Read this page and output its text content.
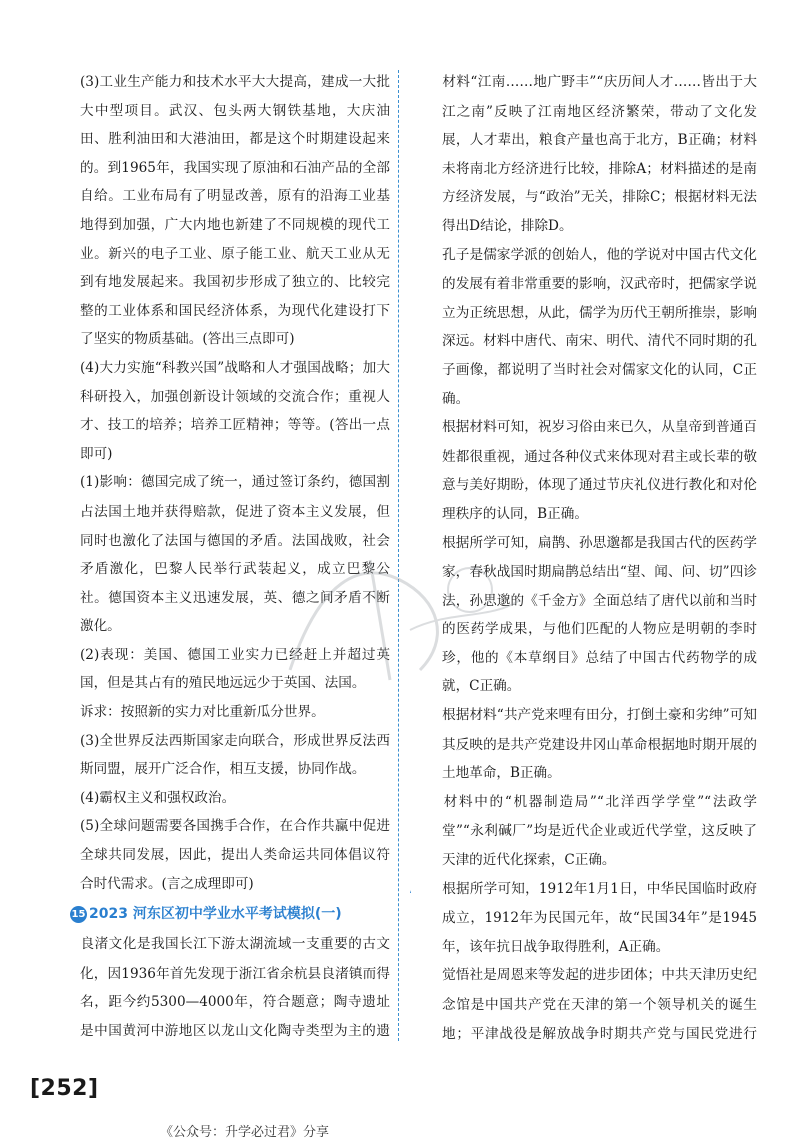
(3)工业生产能力和技术水平大大提高，建成一大批大中型项目。武汉、包头两大钢铁基地，大庆油田、胜利油田和大港油田，都是这个时期建设起来的。到1965年，我国实现了原油和石油产品的全部自给。工业布局有了明显改善，原有的沿海工业基地得到加强，广大内地也新建了不同规模的现代工业。新兴的电子工业、原子能工业、航天工业从无到有地发展起来。我国初步形成了独立的、比较完整的工业体系和国民经济体系，为现代化建设打下了坚实的物质基础。(答出三点即可)

(4)大力实施“科教兴国”战略和人才强国战略；加大科研投入，加强创新设计领域的交流合作；重视人才、技工的培养；培养工匠精神；等等。(答出一点即可)

(1)影响：德国完成了统一，通过签订条约，德国割占法国土地并获得赔款，促进了资本主义发展，但同时也激化了法国与德国的矛盾。法国战败，社会矛盾激化，巴黎人民举行武装起义，成立巴黎公社。德国资本主义迅速发展，英、德之间矛盾不断激化。

(2)表现：美国、德国工业实力已经赶上并超过英国，但是其占有的殖民地远远少于英国、法国。

诉求：按照新的实力对比重新瓜分世界。

(3)全世界反法西斯国家走向联合，形成世界反法西斯同盟，展开广泛合作，相互支援，协同作战。

(4)霸权主义和强权政治。

(5)全球问题需要各国携手合作，在合作共赢中促进全球共同发展，因此，提出人类命运共同体倡议符合时代需求。(言之成理即可)

15 2023 河东区初中学业水平考试模拟(一)

良渚文化是我国长江下游太湖流域一支重要的古文化，因1936年首先发现于浙江省余杭县良渚镇而得名，距今约5300—4000年，符合题意；陶寺遗址是中国黄河中游地区以龙山文化陶寺类型为主的遗

材料“江南……地广野丰”“庆历间人才……皆出于大江之南”反映了江南地区经济繁荣，带动了文化发展，人才辈出，粮食产量也高于北方，B正确；材料未将南北方经济进行比较，排除A；材料描述的是南方经济发展，与“政治”无关，排除C；根据材料无法得出D结论，排除D。

孔子是儒家学派的创始人，他的学说对中国古代文化的发展有着非常重要的影响，汉武帝时，把儒家学说立为正统思想，从此，儒学为历代王朝所推崇，影响深远。材料中唐代、南宋、明代、清代不同时期的孔子画像，都说明了当时社会对儒家文化的认同，C正确。

根据材料可知，祝岁习俗由来已久，从皇帝到普通百姓都很重视，通过各种仪式来体现对君主或长辈的敬意与美好期盼，体现了通过节庆礼仪进行教化和对伦理秩序的认同，B正确。

根据所学可知，扁鹊、孙思邈都是我国古代的医药学家，春秋战国时期扁鹊总结出“望、闻、问、切”四诊法，孙思邈的《千金方》全面总结了唐代以前和当时的医药学成果，与他们匹配的人物应是明朝的李时珍，他的《本草纲目》总结了中国古代药物学的成就，C正确。

根据材料“共产党来哩有田分，打倒土豪和劣绅”可知其反映的是共产党建设井冈山革命根据地时期开展的土地革命，B正确。

材料中的“机器制造局”“北洋西学学堂”“法政学堂”“永利碱厂”均是近代企业或近代学堂，这反映了天津的近代化探索，C正确。

根据所学可知，1912年1月1日，中华民国临时政府成立，1912年为民国元年，故“民国34年”是1945年，该年抗日战争取得胜利，A正确。

觉悟社是周恩来等发起的进步团体；中共天津历史纪念馆是中国共产党在天津的第一个领导机关的诞生地；平津战役是解放战争时期共产党与国民党进行

[252]
《公众号：升学必过君》分享
